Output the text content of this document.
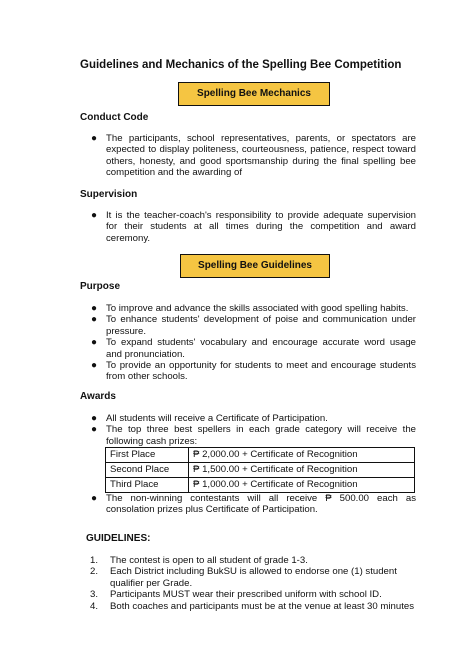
Guidelines and Mechanics of the Spelling Bee Competition
Spelling Bee Mechanics
Conduct Code
● The participants, school representatives, parents, or spectators are expected to display politeness, courteousness, patience, respect toward others, honesty, and good sportsmanship during the final spelling bee competition and the awarding of
Supervision
● It is the teacher-coach's responsibility to provide adequate supervision for their students at all times during the competition and award ceremony.
Spelling Bee Guidelines
Purpose
● To improve and advance the skills associated with good spelling habits.
● To enhance students' development of poise and communication under pressure.
● To expand students' vocabulary and encourage accurate word usage and pronunciation.
● To provide an opportunity for students to meet and encourage students from other schools.
Awards
● All students will receive a Certificate of Participation.
● The top three best spellers in each grade category will receive the following cash prizes:
First Place	₱ 2,000.00 + Certificate of Recognition
Second Place	₱ 1,500.00 + Certificate of Recognition
Third Place	₱ 1,000.00 + Certificate of Recognition
● The non-winning contestants will all receive ₱ 500.00 each as consolation prizes plus Certificate of Participation.
GUIDELINES:
1. The contest is open to all student of grade 1-3.
2. Each District including BukSU is allowed to endorse one (1) student qualifier per Grade.
3. Participants MUST wear their prescribed uniform with school ID.
4. Both coaches and participants must be at the venue at least 30 minutes
